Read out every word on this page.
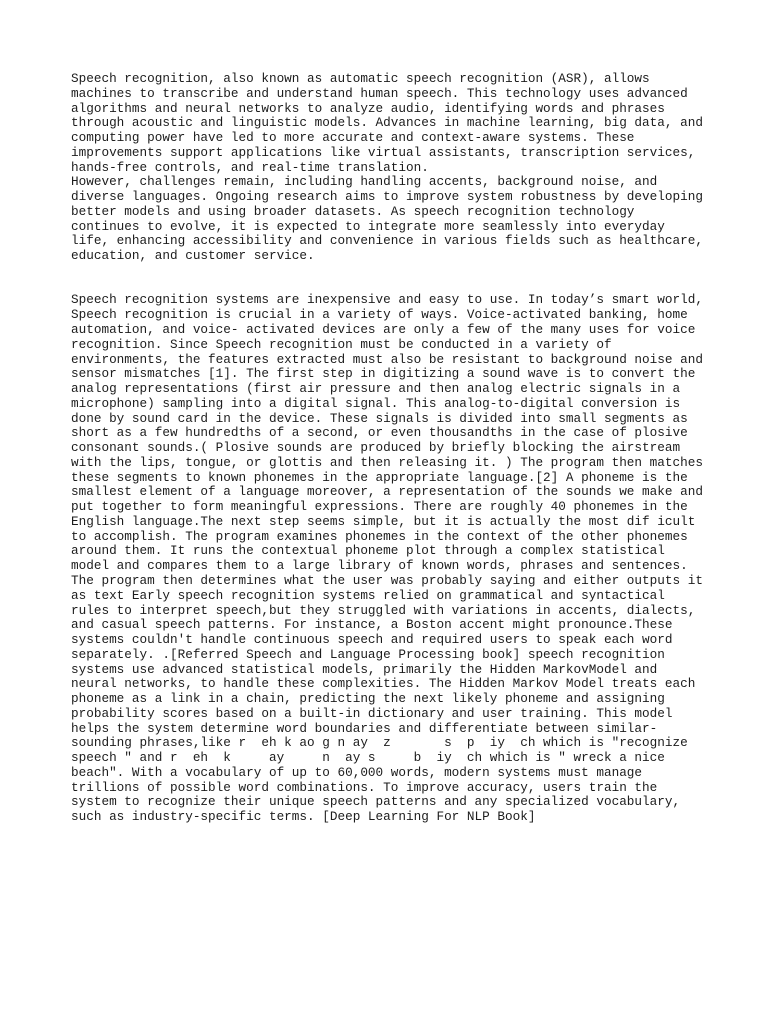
Speech recognition, also known as automatic speech recognition (ASR), allows
machines to transcribe and understand human speech. This technology uses advanced
algorithms and neural networks to analyze audio, identifying words and phrases
through acoustic and linguistic models. Advances in machine learning, big data, and
computing power have led to more accurate and context-aware systems. These
improvements support applications like virtual assistants, transcription services,
hands-free controls, and real-time translation.
However, challenges remain, including handling accents, background noise, and
diverse languages. Ongoing research aims to improve system robustness by developing
better models and using broader datasets. As speech recognition technology
continues to evolve, it is expected to integrate more seamlessly into everyday
life, enhancing accessibility and convenience in various fields such as healthcare,
education, and customer service.
Speech recognition systems are inexpensive and easy to use. In today’s smart world,
Speech recognition is crucial in a variety of ways. Voice-activated banking, home
automation, and voice- activated devices are only a few of the many uses for voice
recognition. Since Speech recognition must be conducted in a variety of
environments, the features extracted must also be resistant to background noise and
sensor mismatches [1]. The first step in digitizing a sound wave is to convert the
analog representations (first air pressure and then analog electric signals in a
microphone) sampling into a digital signal. This analog-to-digital conversion is
done by sound card in the device. These signals is divided into small segments as
short as a few hundredths of a second, or even thousandths in the case of plosive
consonant sounds.( Plosive sounds are produced by briefly blocking the airstream
with the lips, tongue, or glottis and then releasing it. ) The program then matches
these segments to known phonemes in the appropriate language.[2] A phoneme is the
smallest element of a language moreover, a representation of the sounds we make and
put together to form meaningful expressions. There are roughly 40 phonemes in the
English language.The next step seems simple, but it is actually the most dif icult
to accomplish. The program examines phonemes in the context of the other phonemes
around them. It runs the contextual phoneme plot through a complex statistical
model and compares them to a large library of known words, phrases and sentences.
The program then determines what the user was probably saying and either outputs it
as text Early speech recognition systems relied on grammatical and syntactical
rules to interpret speech,but they struggled with variations in accents, dialects,
and casual speech patterns. For instance, a Boston accent might pronounce.These
systems couldn't handle continuous speech and required users to speak each word
separately. .[Referred Speech and Language Processing book] speech recognition
systems use advanced statistical models, primarily the Hidden MarkovModel and
neural networks, to handle these complexities. The Hidden Markov Model treats each
phoneme as a link in a chain, predicting the next likely phoneme and assigning
probability scores based on a built-in dictionary and user training. This model
helps the system determine word boundaries and differentiate between similar-
sounding phrases,like r  eh k ao g n ay  z       s  p  iy  ch which is "recognize
speech " and r  eh  k     ay     n  ay s     b  iy  ch which is " wreck a nice
beach". With a vocabulary of up to 60,000 words, modern systems must manage
trillions of possible word combinations. To improve accuracy, users train the
system to recognize their unique speech patterns and any specialized vocabulary,
such as industry-specific terms. [Deep Learning For NLP Book]
